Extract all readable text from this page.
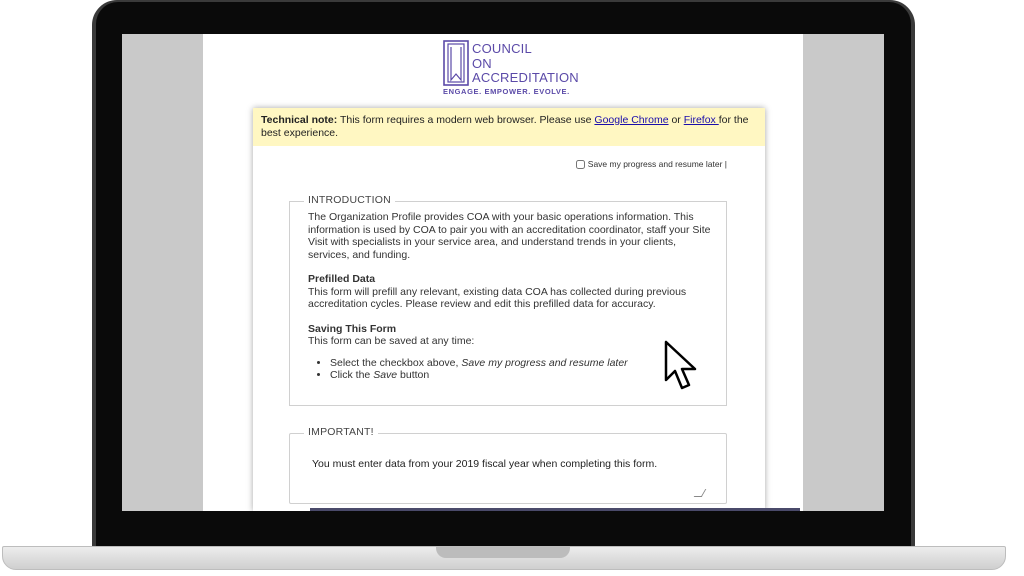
COUNCIL
ON
ACCREDITATION
ENGAGE. EMPOWER. EVOLVE.
Technical note: This form requires a modern web browser. Please use Google Chrome or Firefox for the best experience.
Save my progress and resume later |
INTRODUCTION

The Organization Profile provides COA with your basic operations information. This information is used by COA to pair you with an accreditation coordinator, staff your Site Visit with specialists in your service area, and understand trends in your clients, services, and funding.

Prefilled Data

This form will prefill any relevant, existing data COA has collected during previous accreditation cycles. Please review and edit this prefilled data for accuracy.

Saving This Form

This form can be saved at any time:

• Select the checkbox above, Save my progress and resume later
• Click the Save button
IMPORTANT!
You must enter data from your 2019 fiscal year when completing this form.
